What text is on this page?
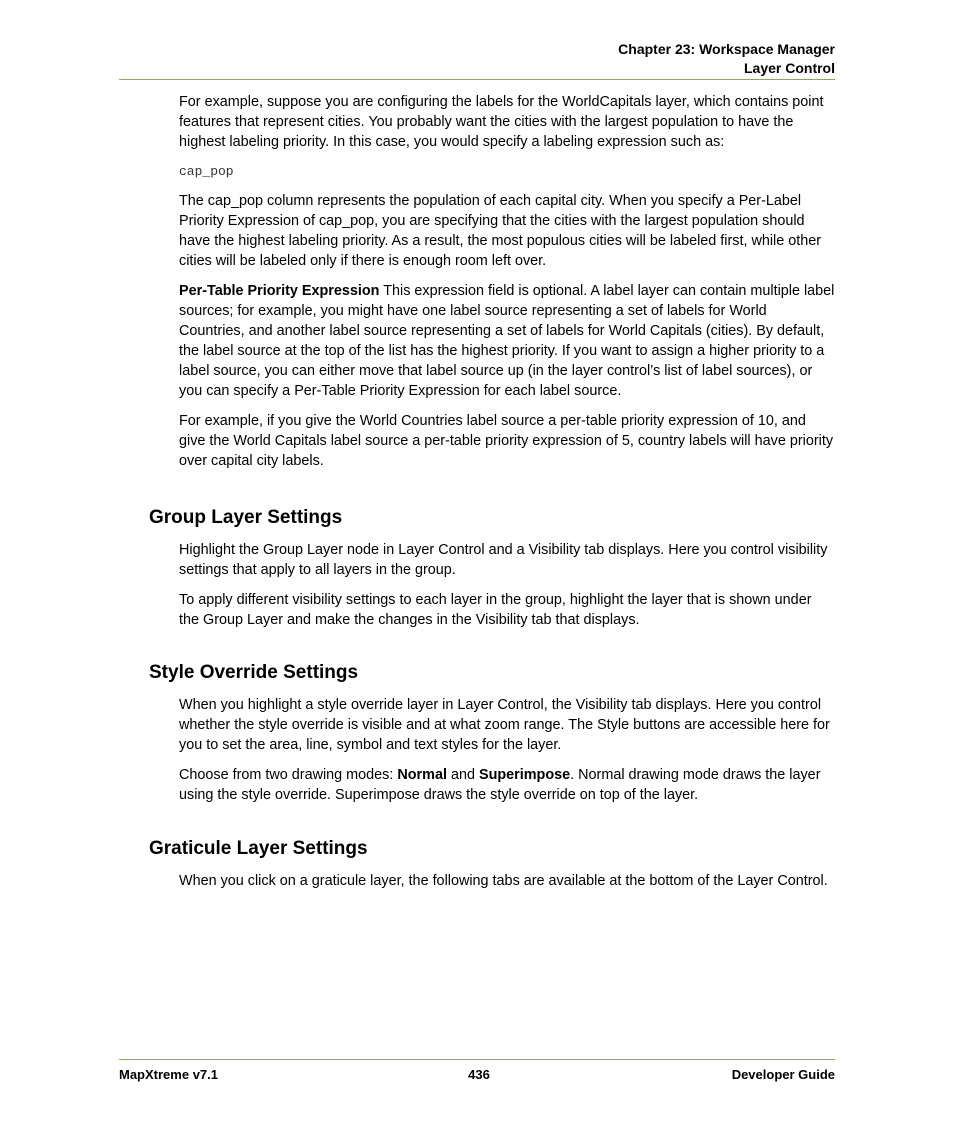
Chapter 23: Workspace Manager
Layer Control

For example, suppose you are configuring the labels for the WorldCapitals layer, which contains point features that represent cities. You probably want the cities with the largest population to have the highest labeling priority. In this case, you would specify a labeling expression such as:

cap_pop

The cap_pop column represents the population of each capital city. When you specify a Per-Label Priority Expression of cap_pop, you are specifying that the cities with the largest population should have the highest labeling priority. As a result, the most populous cities will be labeled first, while other cities will be labeled only if there is enough room left over.

Per-Table Priority Expression This expression field is optional. A label layer can contain multiple label sources; for example, you might have one label source representing a set of labels for World Countries, and another label source representing a set of labels for World Capitals (cities). By default, the label source at the top of the list has the highest priority. If you want to assign a higher priority to a label source, you can either move that label source up (in the layer control’s list of label sources), or you can specify a Per-Table Priority Expression for each label source.

For example, if you give the World Countries label source a per-table priority expression of 10, and give the World Capitals label source a per-table priority expression of 5, country labels will have priority over capital city labels.

Group Layer Settings

Highlight the Group Layer node in Layer Control and a Visibility tab displays. Here you control visibility settings that apply to all layers in the group.

To apply different visibility settings to each layer in the group, highlight the layer that is shown under the Group Layer and make the changes in the Visibility tab that displays.

Style Override Settings

When you highlight a style override layer in Layer Control, the Visibility tab displays. Here you control whether the style override is visible and at what zoom range. The Style buttons are accessible here for you to set the area, line, symbol and text styles for the layer.

Choose from two drawing modes: Normal and Superimpose. Normal drawing mode draws the layer using the style override. Superimpose draws the style override on top of the layer.

Graticule Layer Settings

When you click on a graticule layer, the following tabs are available at the bottom of the Layer Control.

MapXtreme v7.1	436	Developer Guide
